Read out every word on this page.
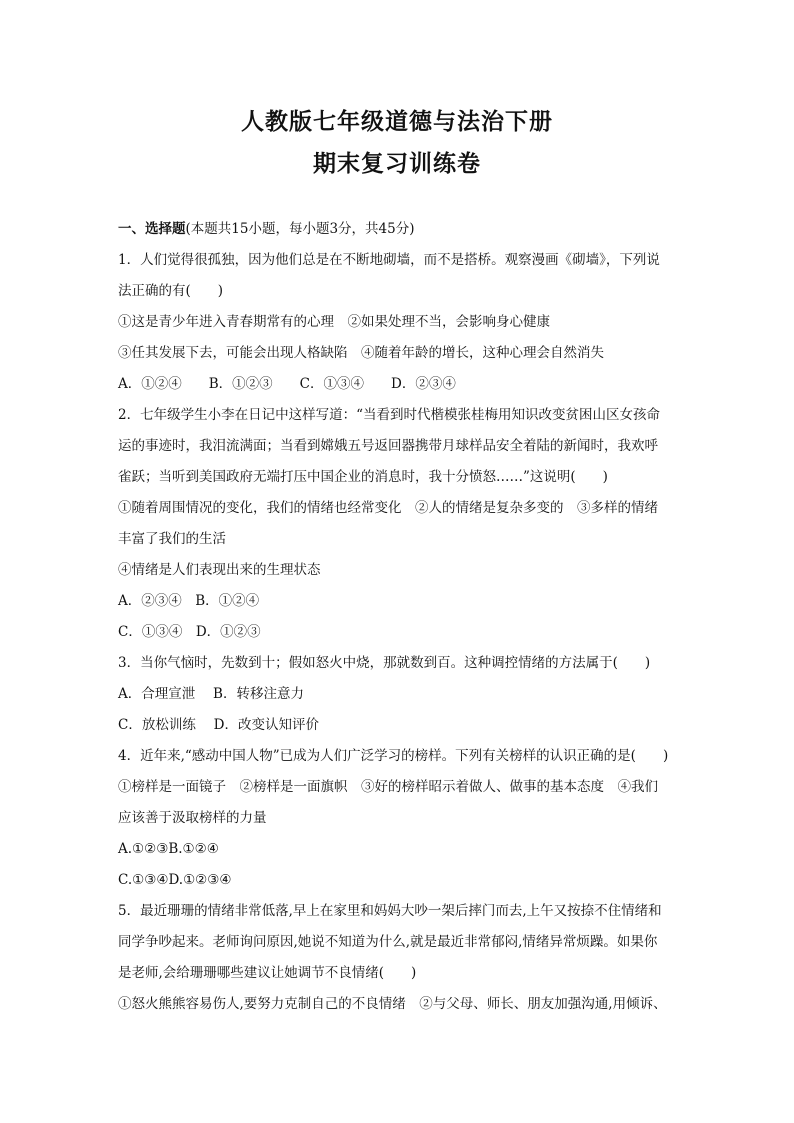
人教版七年级道德与法治下册
期末复习训练卷

一、选择题(本题共15小题，每小题3分，共45分)

1．人们觉得很孤独，因为他们总是在不断地砌墙，而不是搭桥。观察漫画《砌墙》，下列说

法正确的有(　　)

①这是青少年进入青春期常有的心理　②如果处理不当，会影响身心健康

③任其发展下去，可能会出现人格缺陷　④随着年龄的增长，这种心理会自然消失

A．①②④　　B．①②③　　C．①③④　　D．②③④

2．七年级学生小李在日记中这样写道：“当看到时代楷模张桂梅用知识改变贫困山区女孩命

运的事迹时，我泪流满面；当看到嫦娥五号返回器携带月球样品安全着陆的新闻时，我欢呼

雀跃；当听到美国政府无端打压中国企业的消息时，我十分愤怒……”这说明(　　)

①随着周围情况的变化，我们的情绪也经常变化　②人的情绪是复杂多变的　③多样的情绪

丰富了我们的生活

④情绪是人们表现出来的生理状态

A．②③④　B．①②④

C．①③④　D．①②③

3．当你气恼时，先数到十；假如怒火中烧，那就数到百。这种调控情绪的方法属于(　　)

A．合理宣泄　 B．转移注意力

C．放松训练　 D．改变认知评价

4．近年来,“感动中国人物”已成为人们广泛学习的榜样。下列有关榜样的认识正确的是(　　)

①榜样是一面镜子　②榜样是一面旗帜　③好的榜样昭示着做人、做事的基本态度　④我们

应该善于汲取榜样的力量

A.①②③B.①②④

C.①③④D.①②③④

5．最近珊珊的情绪非常低落,早上在家里和妈妈大吵一架后摔门而去,上午又按捺不住情绪和

同学争吵起来。老师询问原因,她说不知道为什么,就是最近非常郁闷,情绪异常烦躁。如果你

是老师,会给珊珊哪些建议让她调节不良情绪(　　)

①怒火熊熊容易伤人,要努力克制自己的不良情绪　②与父母、师长、朋友加强沟通,用倾诉、
